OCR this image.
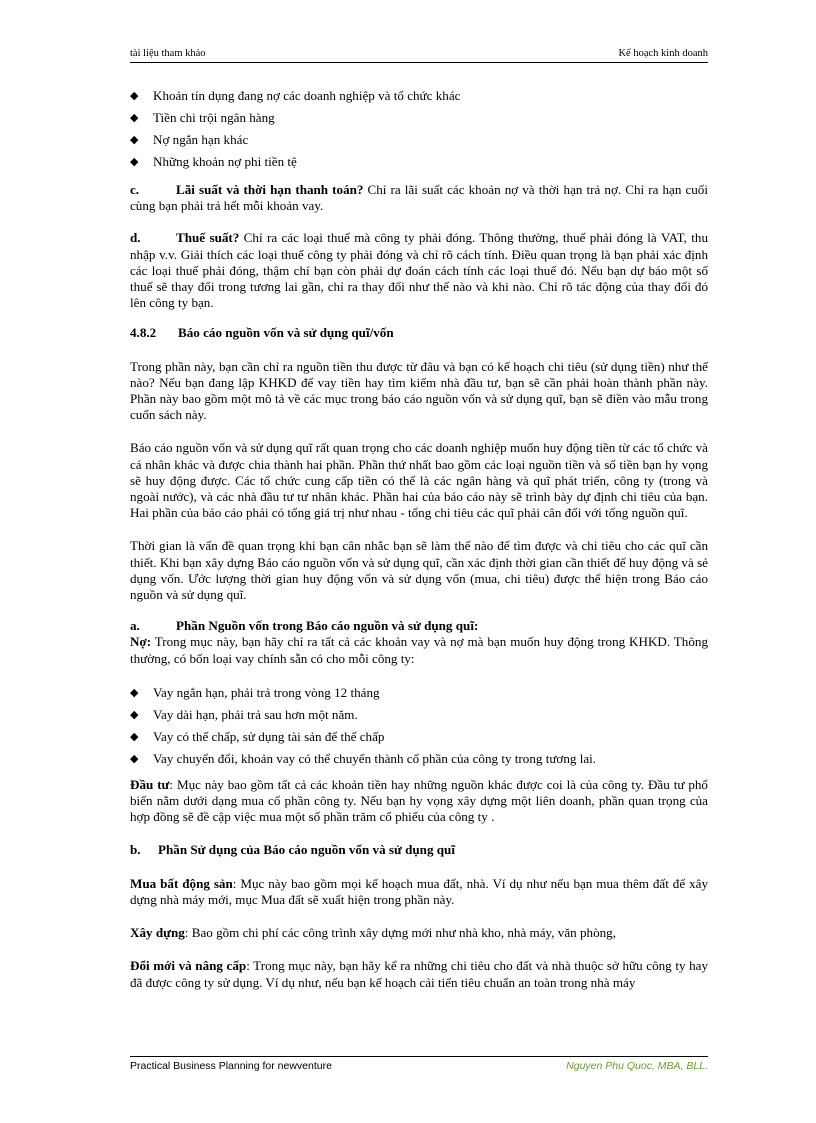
tài liệu tham khảo	Kế hoạch kinh doanh
◆ Khoản tín dụng đang nợ các doanh nghiệp và tổ chức khác
◆ Tiền chi trội ngân hàng
◆ Nợ ngắn hạn khác
◆ Những khoản nợ phi tiền tệ

c.	Lãi suất và thời hạn thanh toán? Chỉ ra lãi suất các khoản nợ và thời hạn trả nợ. Chỉ ra hạn cuối cùng bạn phải trả hết mỗi khoản vay.

d.	Thuế suất? Chỉ ra các loại thuế mà công ty phải đóng. Thông thường, thuế phải đóng là VAT, thu nhập v.v. Giải thích các loại thuế công ty phải đóng và chỉ rõ cách tính. Điều quan trọng là bạn phải xác định các loại thuế phải đóng, thậm chí bạn còn phải dự đoán cách tính các loại thuế đó. Nếu bạn dự báo một số thuế sẽ thay đổi trong tương lai gần, chỉ ra thay đổi như thế nào và khi nào. Chỉ rõ tác động của thay đổi đó lên công ty bạn.

4.8.2 Báo cáo nguồn vốn và sử dụng quĩ/vốn

Trong phần này, bạn cần chỉ ra nguồn tiền thu được từ đâu và bạn có kế hoạch chi tiêu (sử dụng tiền) như thế nào? Nếu bạn đang lập KHKD để vay tiền hay tìm kiếm nhà đầu tư, bạn sẽ cần phải hoàn thành phần này. Phần này bao gồm một mô tả về các mục trong báo cáo nguồn vốn và sử dụng quĩ, bạn sẽ điền vào mẫu trong cuốn sách này.

Báo cáo nguồn vốn và sử dụng quĩ rất quan trọng cho các doanh nghiệp muốn huy động tiền từ các tổ chức và cá nhân khác và được chia thành hai phần. Phần thứ nhất bao gồm các loại nguồn tiền và số tiền bạn hy vọng sẽ huy động được. Các tổ chức cung cấp tiền có thể là các ngân hàng và quĩ phát triển, công ty (trong và ngoài nước), và các nhà đầu tư tư nhân khác. Phần hai của báo cáo này sẽ trình bày dự định chi tiêu của bạn. Hai phần của báo cáo phải có tổng giá trị như nhau - tổng chi tiêu các quĩ phải cân đối với tổng nguồn quĩ.

Thời gian là vấn đề quan trọng khi bạn cân nhắc bạn sẽ làm thế nào để tìm được và chi tiêu cho các quĩ cần thiết. Khi bạn xây dựng Báo cáo nguồn vốn và sử dụng quĩ, cần xác định thời gian cần thiết để huy động và sẻ dụng vốn. Ước lượng thời gian huy động vốn và sử dụng vốn (mua, chi tiêu) được thể hiện trong Báo cáo nguồn và sử dụng quĩ.

a.	Phần Nguồn vốn trong Báo cáo nguồn và sử dụng quĩ:

Nợ: Trong mục này, bạn hãy chỉ ra tất cả các khoản vay và nợ mà bạn muốn huy động trong KHKD. Thông thường, có bốn loại vay chính sẵn có cho mỗi công ty:

◆ Vay ngắn hạn, phải trả trong vòng 12 tháng
◆ Vay dài hạn, phải trả sau hơn một năm.
◆ Vay có thế chấp, sử dụng tài sản để thế chấp
◆ Vay chuyển đổi, khoản vay có thể chuyển thành cổ phần của công ty trong tương lai.

Đầu tư: Mục này bao gồm tất cả các khoản tiền hay những nguồn khác được coi là của công ty. Đầu tư phổ biến nằm dưới dạng mua cổ phần công ty. Nếu bạn hy vọng xây dựng một liên doanh, phần quan trọng của hợp đồng sẽ đề cập việc mua một số phần trăm cổ phiếu của công ty .

b. Phần Sử dụng của Báo cáo nguồn vốn và sử dụng quĩ

Mua bất động sản: Mục này bao gồm mọi kế hoạch mua đất, nhà. Ví dụ như nếu bạn mua thêm đất để xây dựng nhà máy mới, mục Mua đất sẽ xuất hiện trong phần này.

Xây dựng: Bao gồm chi phí các công trình xây dựng mới như nhà kho, nhà máy, văn phòng,

Đổi mới và nâng cấp: Trong mục này, bạn hãy kể ra những chi tiêu cho đất và nhà thuộc sở hữu công ty hay đã được công ty sử dụng. Ví dụ như, nếu bạn kế hoạch cải tiến tiêu chuẩn an toàn trong nhà máy

Practical Business Planning for newventure	Nguyen Phu Quoc, MBA, BLL.
